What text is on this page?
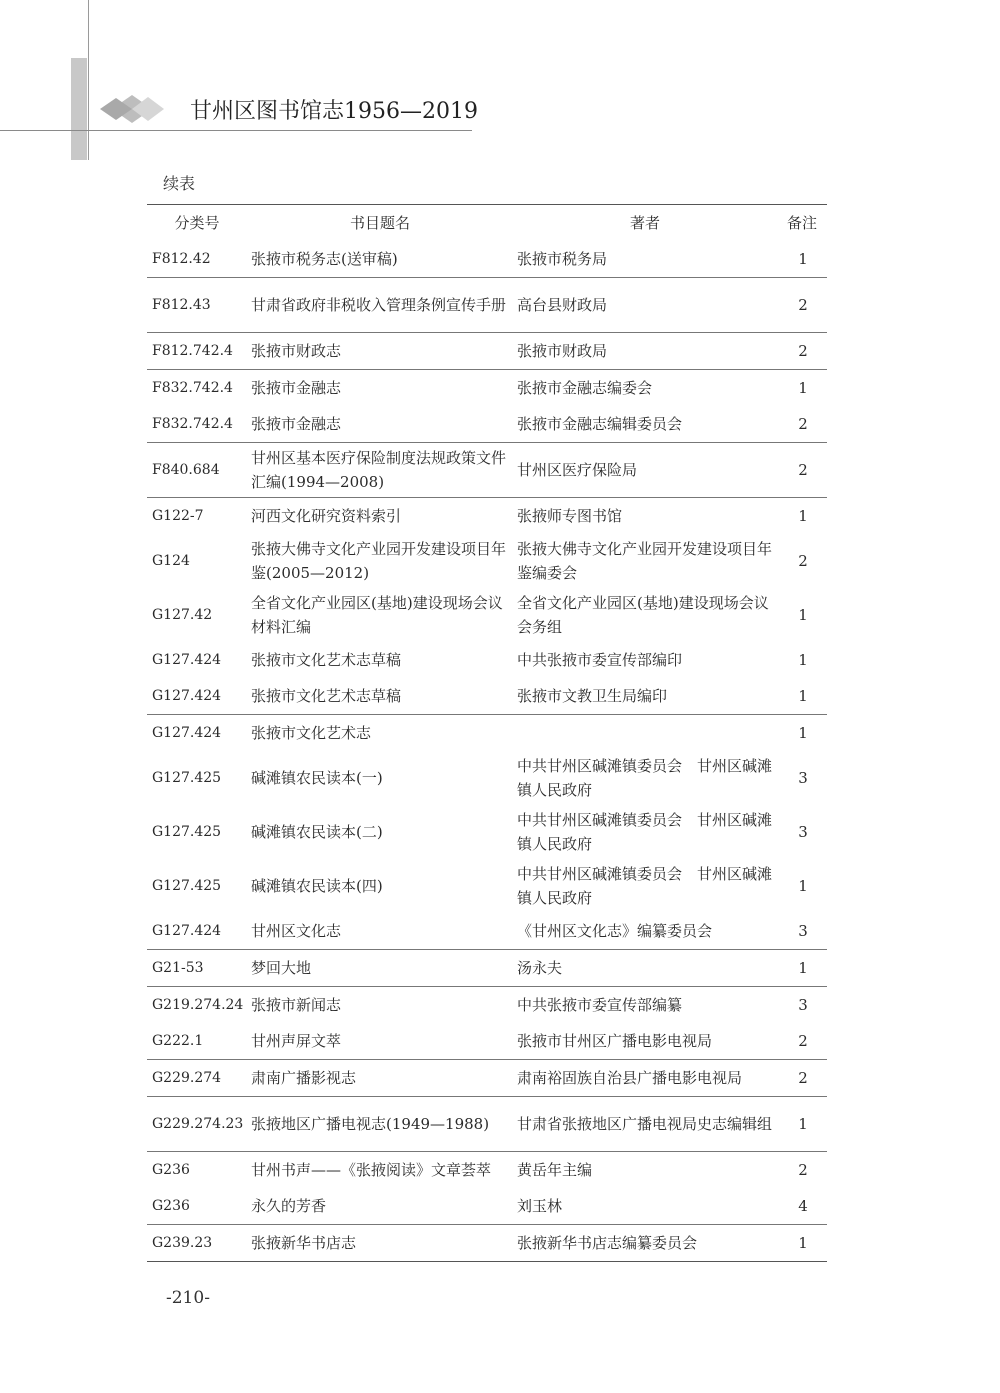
甘州区图书馆志1956—2019
续表
分类号	书目题名	著者	备注
F812.42	张掖市税务志(送审稿)	张掖市税务局	1
F812.43	甘肃省政府非税收入管理条例宣传手册	高台县财政局	2
F812.742.4	张掖市财政志	张掖市财政局	2
F832.742.4	张掖市金融志	张掖市金融志编委会	1
F832.742.4	张掖市金融志	张掖市金融志编辑委员会	2
F840.684	甘州区基本医疗保险制度法规政策文件汇编(1994—2008)	甘州区医疗保险局	2
G122-7	河西文化研究资料索引	张掖师专图书馆	1
G124	张掖大佛寺文化产业园开发建设项目年鉴(2005—2012)	张掖大佛寺文化产业园开发建设项目年鉴编委会	2
G127.42	全省文化产业园区(基地)建设现场会议材料汇编	全省文化产业园区(基地)建设现场会议会务组	1
G127.424	张掖市文化艺术志草稿	中共张掖市委宣传部编印	1
G127.424	张掖市文化艺术志草稿	张掖市文教卫生局编印	1
G127.424	张掖市文化艺术志		1
G127.425	碱滩镇农民读本(一)	中共甘州区碱滩镇委员会　甘州区碱滩镇人民政府	3
G127.425	碱滩镇农民读本(二)	中共甘州区碱滩镇委员会　甘州区碱滩镇人民政府	3
G127.425	碱滩镇农民读本(四)	中共甘州区碱滩镇委员会　甘州区碱滩镇人民政府	1
G127.424	甘州区文化志	《甘州区文化志》编纂委员会	3
G21-53	梦回大地	汤永夫	1
G219.274.24	张掖市新闻志	中共张掖市委宣传部编纂	3
G222.1	甘州声屏文萃	张掖市甘州区广播电影电视局	2
G229.274	肃南广播影视志	肃南裕固族自治县广播电影电视局	2
G229.274.23	张掖地区广播电视志(1949—1988)	甘肃省张掖地区广播电视局史志编辑组	1
G236	甘州书声——《张掖阅读》文章荟萃	黄岳年主编	2
G236	永久的芳香	刘玉林	4
G239.23	张掖新华书店志	张掖新华书店志编纂委员会	1
-210-
